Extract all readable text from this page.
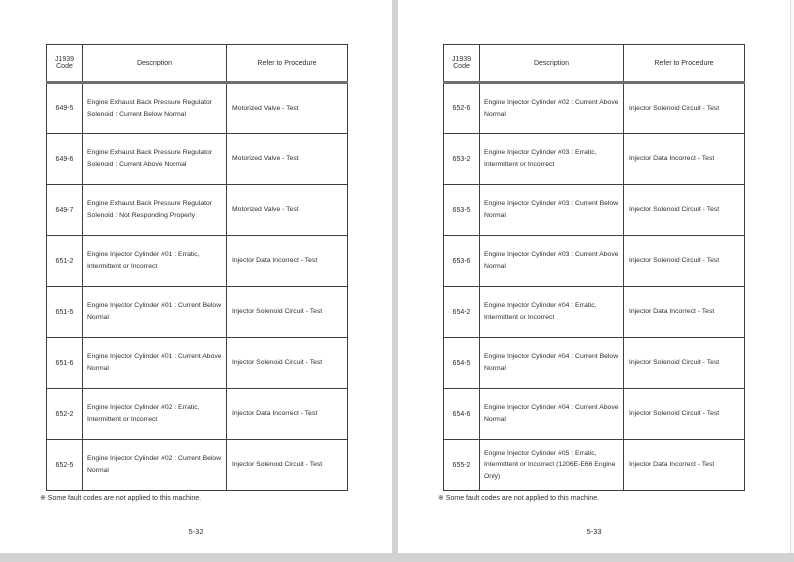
J1939 Code	Description	Refer to Procedure
649-5	Engine Exhaust Back Pressure Regulator Solenoid : Current Below Normal	Motorized Valve - Test
649-6	Engine Exhaust Back Pressure Regulator Solenoid : Current Above Normal	Motorized Valve - Test
649-7	Engine Exhaust Back Pressure Regulator Solenoid : Not Responding Properly	Motorized Valve - Test
651-2	Engine Injector Cylinder #01 : Erratic, Intermittent or Incorrect	Injector Data Incorrect - Test
651-5	Engine Injector Cylinder #01 : Current Below Normal	Injector Solenoid Circuit - Test
651-6	Engine Injector Cylinder #01 : Current Above Normal	Injector Solenoid Circuit - Test
652-2	Engine Injector Cylinder #02 : Erratic, Intermittent or Incorrect	Injector Data Incorrect - Test
652-5	Engine Injector Cylinder #02 : Current Below Normal	Injector Solenoid Circuit - Test
※ Some fault codes are not applied to this machine.
5-32
J1939 Code	Description	Refer to Procedure
652-6	Engine Injector Cylinder #02 : Current Above Normal	Injector Solenoid Circuit - Test
653-2	Engine Injector Cylinder #03 : Erratic, Intermittent or Incorrect	Injector Data Incorrect - Test
653-5	Engine Injector Cylinder #03 : Current Below Normal	Injector Solenoid Circuit - Test
653-6	Engine Injector Cylinder #03 : Current Above Normal	Injector Solenoid Circuit - Test
654-2	Engine Injector Cylinder #04 : Erratic, Intermittent or Incorrect	Injector Data Incorrect - Test
654-5	Engine Injector Cylinder #04 : Current Below Normal	Injector Solenoid Circuit - Test
654-6	Engine Injector Cylinder #04 : Current Above Normal	Injector Solenoid Circuit - Test
655-2	Engine Injector Cylinder #05 : Erratic, Intermittent or Incorrect (1206E-E66 Engine Only)	Injector Data Incorrect - Test
※ Some fault codes are not applied to this machine.
5-33
